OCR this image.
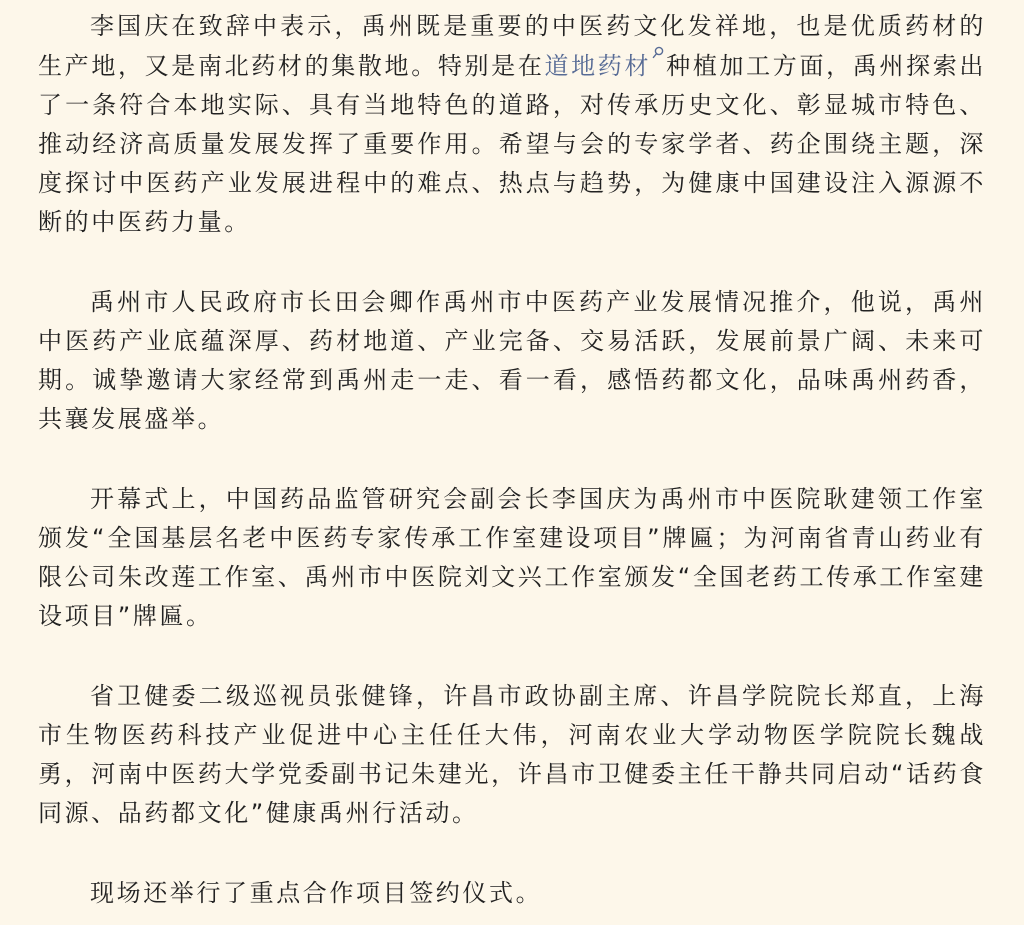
李国庆在致辞中表示，禹州既是重要的中医药文化发祥地，也是优质药材的生产地，又是南北药材的集散地。特别是在道地药材 种植加工方面，禹州探索出了一条符合本地实际、具有当地特色的道路，对传承历史文化、彰显城市特色、推动经济高质量发展发挥了重要作用。希望与会的专家学者、药企围绕主题，深度探讨中医药产业发展进程中的难点、热点与趋势，为健康中国建设注入源源不断的中医药力量。

禹州市人民政府市长田会卿作禹州市中医药产业发展情况推介，他说，禹州中医药产业底蕴深厚、药材地道、产业完备、交易活跃，发展前景广阔、未来可期。诚挚邀请大家经常到禹州走一走、看一看，感悟药都文化，品味禹州药香，共襄发展盛举。

开幕式上，中国药品监管研究会副会长李国庆为禹州市中医院耿建领工作室颁发“全国基层名老中医药专家传承工作室建设项目”牌匾；为河南省青山药业有限公司朱改莲工作室、禹州市中医院刘文兴工作室颁发“全国老药工传承工作室建设项目”牌匾。

省卫健委二级巡视员张健锋，许昌市政协副主席、许昌学院院长郑直，上海市生物医药科技产业促进中心主任任大伟，河南农业大学动物医学院院长魏战勇，河南中医药大学党委副书记朱建光，许昌市卫健委主任干静共同启动“话药食同源、品药都文化”健康禹州行活动。

现场还举行了重点合作项目签约仪式。
